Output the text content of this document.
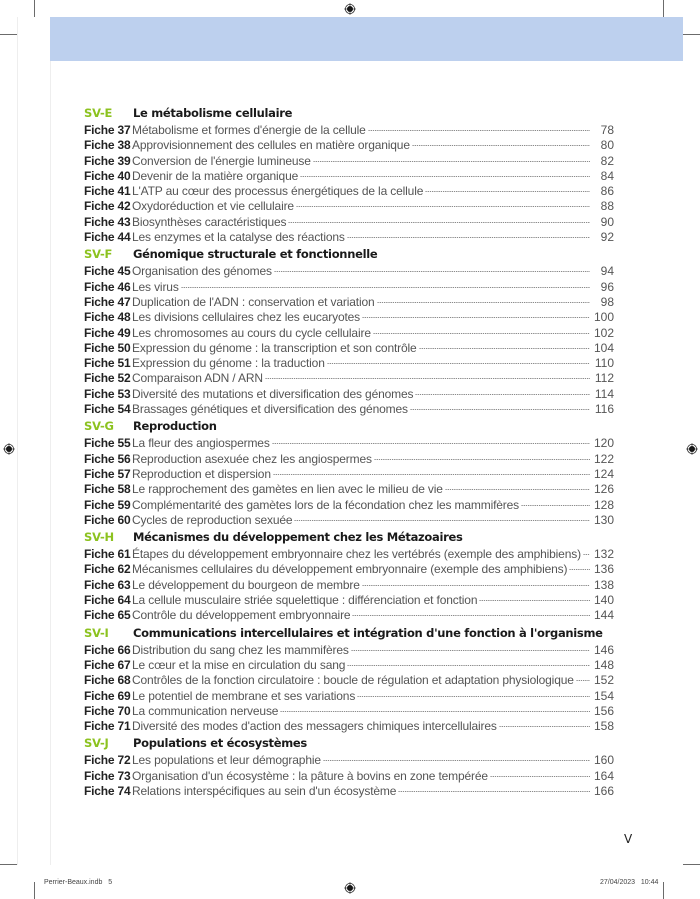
SV-E	Le métabolisme cellulaire
Fiche 37 Métabolisme et formes d'énergie de la cellule	78
Fiche 38 Approvisionnement des cellules en matière organique	80
Fiche 39 Conversion de l'énergie lumineuse	82
Fiche 40 Devenir de la matière organique	84
Fiche 41 L'ATP au cœur des processus énergétiques de la cellule	86
Fiche 42 Oxydoréduction et vie cellulaire	88
Fiche 43 Biosynthèses caractéristiques	90
Fiche 44 Les enzymes et la catalyse des réactions	92
SV-F	Génomique structurale et fonctionnelle
Fiche 45 Organisation des génomes	94
Fiche 46 Les virus	96
Fiche 47 Duplication de l'ADN : conservation et variation	98
Fiche 48 Les divisions cellulaires chez les eucaryotes	100
Fiche 49 Les chromosomes au cours du cycle cellulaire	102
Fiche 50 Expression du génome : la transcription et son contrôle	104
Fiche 51 Expression du génome : la traduction	110
Fiche 52 Comparaison ADN / ARN	112
Fiche 53 Diversité des mutations et diversification des génomes	114
Fiche 54 Brassages génétiques et diversification des génomes	116
SV-G	Reproduction
Fiche 55 La fleur des angiospermes	120
Fiche 56 Reproduction asexuée chez les angiospermes	122
Fiche 57 Reproduction et dispersion	124
Fiche 58 Le rapprochement des gamètes en lien avec le milieu de vie	126
Fiche 59 Complémentarité des gamètes lors de la fécondation chez les mammifères	128
Fiche 60 Cycles de reproduction sexuée	130
SV-H	Mécanismes du développement chez les Métazoaires
Fiche 61 Étapes du développement embryonnaire chez les vertébrés (exemple des amphibiens) 132
Fiche 62 Mécanismes cellulaires du développement embryonnaire (exemple des amphibiens) 136
Fiche 63 Le développement du bourgeon de membre	138
Fiche 64 La cellule musculaire striée squelettique : différenciation et fonction	140
Fiche 65 Contrôle du développement embryonnaire	144
SV-I	Communications intercellulaires et intégration d'une fonction à l'organisme
Fiche 66 Distribution du sang chez les mammifères	146
Fiche 67 Le cœur et la mise en circulation du sang	148
Fiche 68 Contrôles de la fonction circulatoire : boucle de régulation et adaptation physiologique 152
Fiche 69 Le potentiel de membrane et ses variations	154
Fiche 70 La communication nerveuse	156
Fiche 71 Diversité des modes d'action des messagers chimiques intercellulaires	158
SV-J	Populations et écosystèmes
Fiche 72 Les populations et leur démographie	160
Fiche 73 Organisation d'un écosystème : la pâture à bovins en zone tempérée	164
Fiche 74 Relations interspécifiques au sein d'un écosystème	166
V
Perrier-Beaux.indb   5	27/04/2023   10:44
